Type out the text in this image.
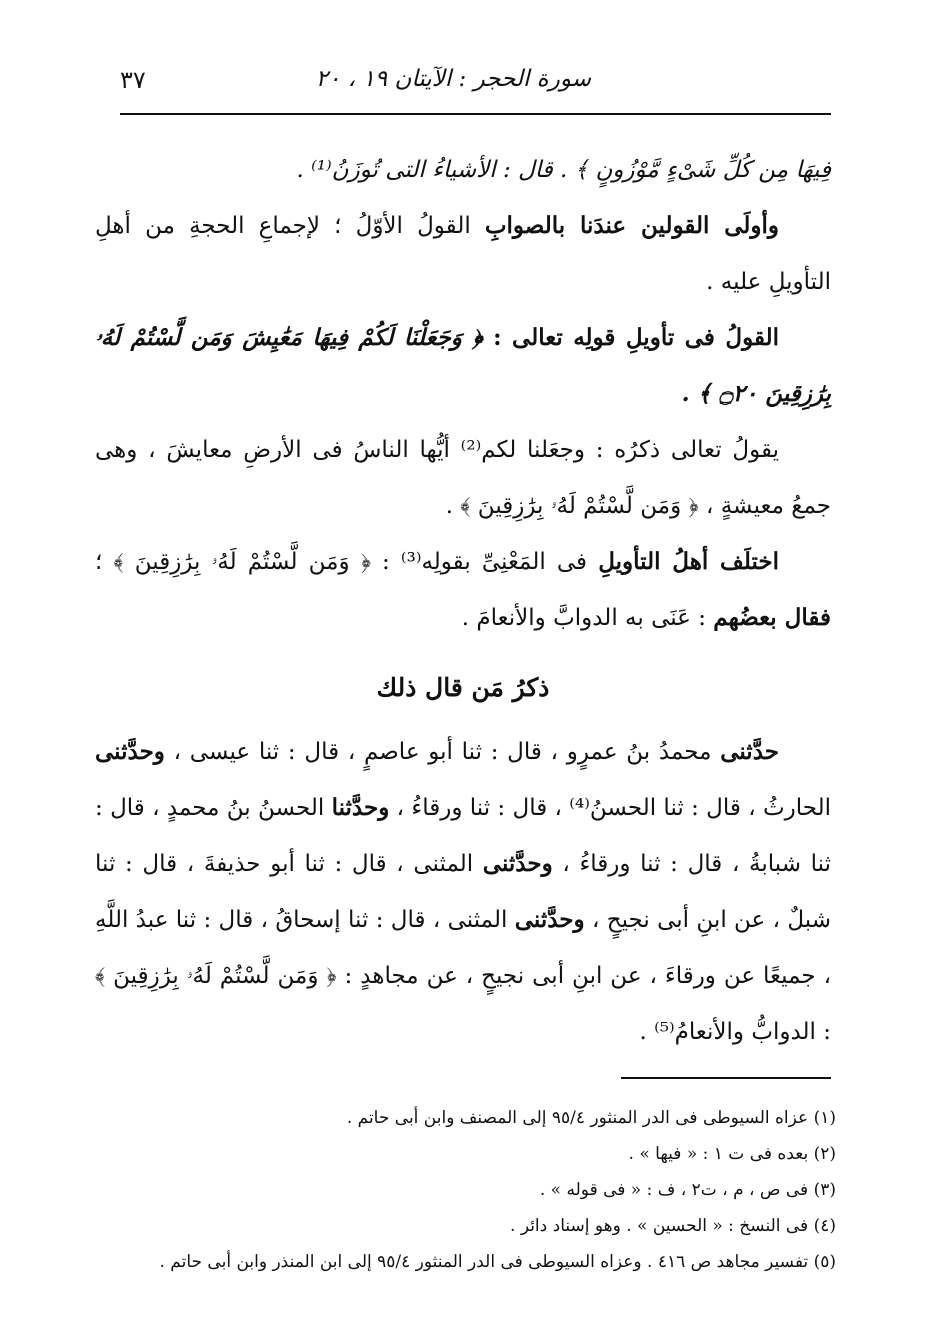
٣٧	سورة الحجر : الآيتان ١٩ ، ٢٠

فِيهَا مِن كُلِّ شَىْءٍ مَّوْزُونٍ ﴾ . قال : الأشياءُ التى تُوزَنُ⁽¹⁾ .

وأولَى القولين عندَنا بالصوابِ القولُ الأوّلُ ؛ لإجماعِ الحجةِ من أهلِ التأويلِ عليه .

القولُ فى تأويلِ قولِه تعالى : ﴿ وَجَعَلْنَا لَكُمْ فِيهَا مَعَٰيِشَ وَمَن لَّسْتُمْ لَهُۥ بِرَٰزِقِينَ ۝٢٠ ﴾ .

يقولُ تعالى ذكرُه : وجعَلنا لكم⁽²⁾ أيُّها الناسُ فى الأرضِ معايشَ ، وهى جمعُ معيشةٍ ، ﴿ وَمَن لَّسْتُمْ لَهُۥ بِرَٰزِقِينَ ﴾ .

اختلَف أهلُ التأويلِ فى المَعْنِىِّ بقولِه⁽³⁾ : ﴿ وَمَن لَّسْتُمْ لَهُۥ بِرَٰزِقِينَ ﴾ ؛ فقال بعضُهم : عَنَى به الدوابَّ والأنعامَ .

ذكرُ مَن قال ذلك

حدَّثنى محمدُ بنُ عمرٍو ، قال : ثنا أبو عاصمٍ ، قال : ثنا عيسى ، وحدَّثنى الحارثُ ، قال : ثنا الحسنُ⁽⁴⁾ ، قال : ثنا ورقاءُ ، وحدَّثنا الحسنُ بنُ محمدٍ ، قال : ثنا شبابةُ ، قال : ثنا ورقاءُ ، وحدَّثنى المثنى ، قال : ثنا أبو حذيفةَ ، قال : ثنا شبلٌ ، عن ابنِ أبى نجيحٍ ، وحدَّثنى المثنى ، قال : ثنا إسحاقُ ، قال : ثنا عبدُ اللَّهِ ، جميعًا عن ورقاءَ ، عن ابنِ أبى نجيحٍ ، عن مجاهدٍ : ﴿ وَمَن لَّسْتُمْ لَهُۥ بِرَٰزِقِينَ ﴾ : الدوابُّ والأنعامُ⁽⁵⁾ .

(١) عزاه السيوطى فى الدر المنثور ٩٥/٤ إلى المصنف وابن أبى حاتم .

(٢) بعده فى ت ١ : « فيها » .

(٣) فى ص ، م ، ت٢ ، ف : « فى قوله » .

(٤) فى النسخ : « الحسين » . وهو إسناد دائر .

(٥) تفسير مجاهد ص ٤١٦ . وعزاه السيوطى فى الدر المنثور ٩٥/٤ إلى ابن المنذر وابن أبى حاتم .
